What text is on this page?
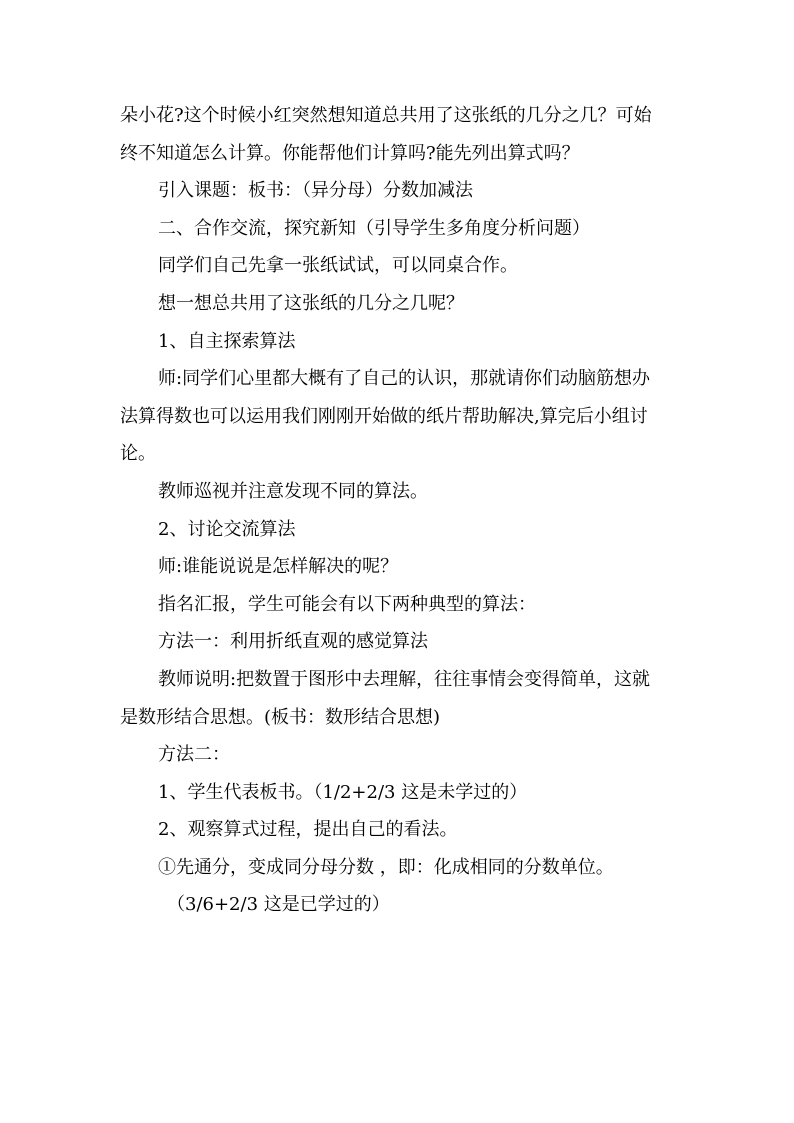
朵小花?这个时候小红突然想知道总共用了这张纸的几分之几？可始

终不知道怎么计算。你能帮他们计算吗?能先列出算式吗？

引入课题：板书：（异分母）分数加减法

二、合作交流，探究新知（引导学生多角度分析问题）

同学们自己先拿一张纸试试，可以同桌合作。

想一想总共用了这张纸的几分之几呢？

1、自主探索算法

师:同学们心里都大概有了自己的认识，那就请你们动脑筋想办

法算得数也可以运用我们刚刚开始做的纸片帮助解决,算完后小组讨

论。

教师巡视并注意发现不同的算法。

2、讨论交流算法

师:谁能说说是怎样解决的呢？

指名汇报，学生可能会有以下两种典型的算法：

方法一：利用折纸直观的感觉算法

教师说明:把数置于图形中去理解，往往事情会变得简单，这就

是数形结合思想。(板书：数形结合思想)

方法二：

1、学生代表板书。（1/2+2/3 这是未学过的）

2、观察算式过程，提出自己的看法。

①先通分，变成同分母分数 ，即：化成相同的分数单位。

（3/6+2/3 这是已学过的）
